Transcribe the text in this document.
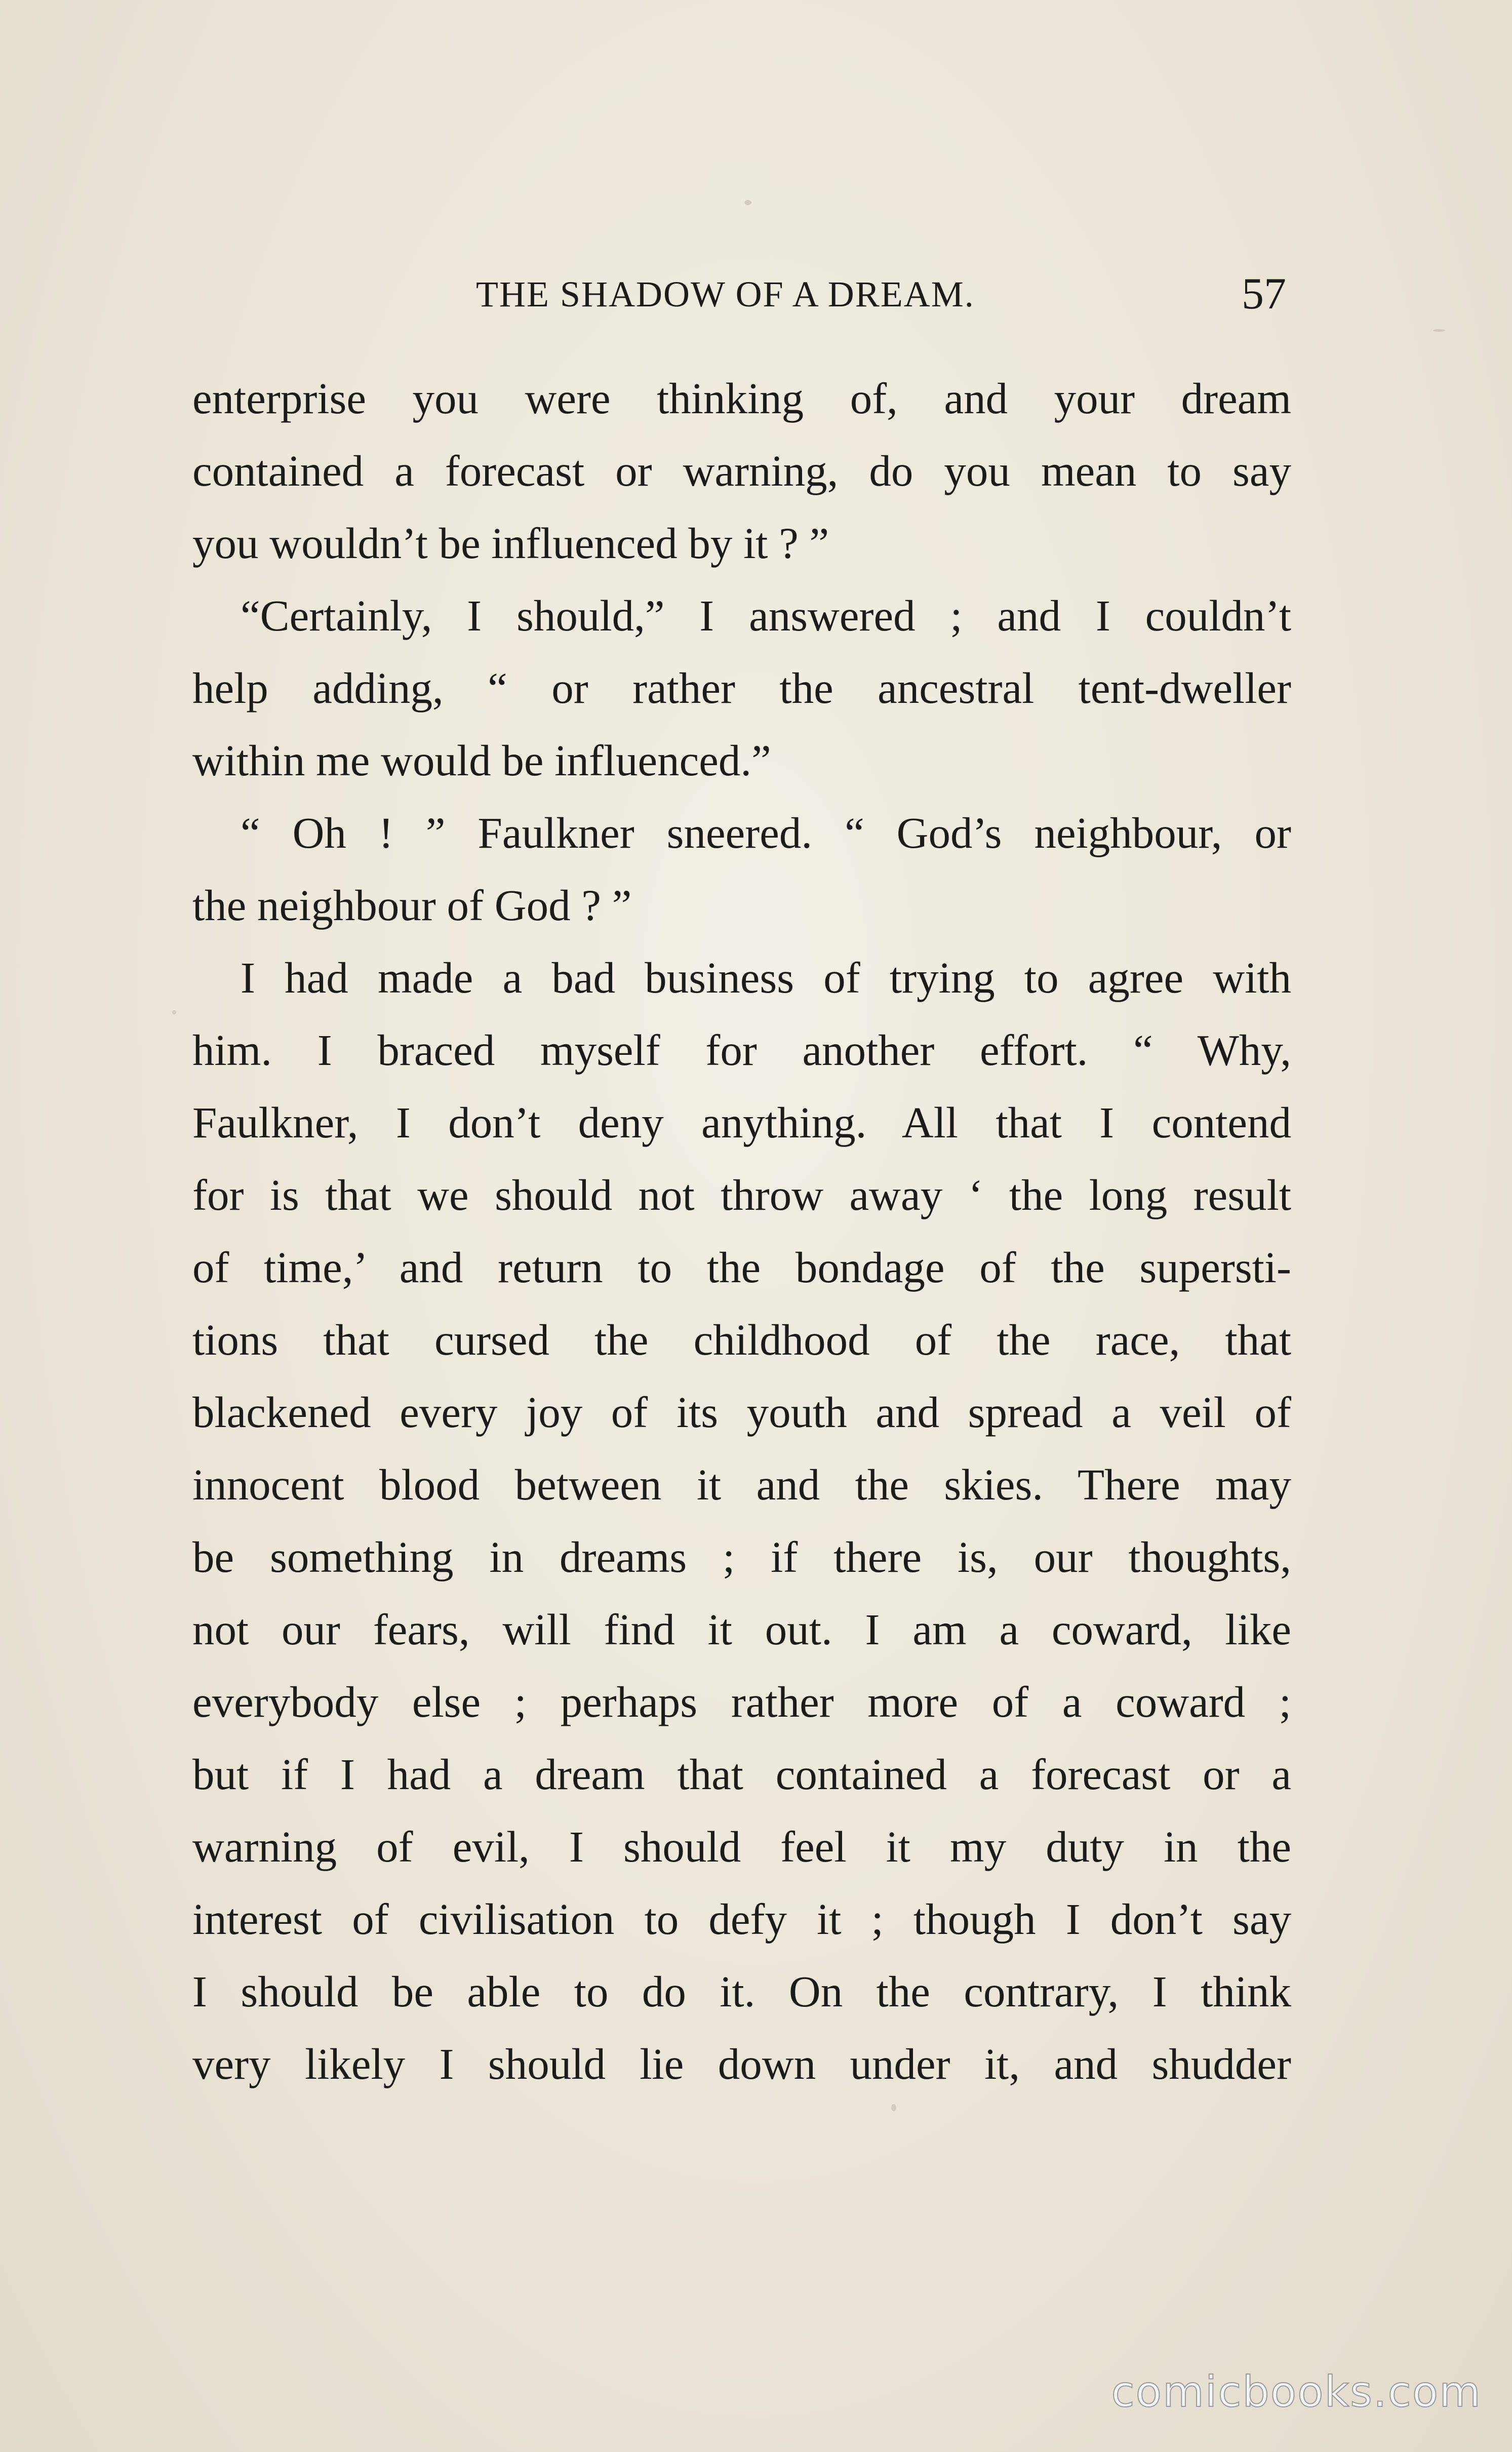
THE SHADOW OF A DREAM.	57
enterprise you were thinking of, and your dream
contained a forecast or warning, do you mean to say
you wouldn’t be influenced by it ? ”
“Certainly, I should,” I answered ; and I couldn’t
help adding, “ or rather the ancestral tent-dweller
within me would be influenced.”
“ Oh ! ” Faulkner sneered. “ God’s neighbour, or
the neighbour of God ? ”
I had made a bad business of trying to agree with
him. I braced myself for another effort. “ Why,
Faulkner, I don’t deny anything. All that I contend
for is that we should not throw away ‘ the long result
of time,’ and return to the bondage of the supersti-
tions that cursed the childhood of the race, that
blackened every joy of its youth and spread a veil of
innocent blood between it and the skies. There may
be something in dreams ; if there is, our thoughts,
not our fears, will find it out. I am a coward, like
everybody else ; perhaps rather more of a coward ;
but if I had a dream that contained a forecast or a
warning of evil, I should feel it my duty in the
interest of civilisation to defy it ; though I don’t say
I should be able to do it. On the contrary, I think
very likely I should lie down under it, and shudder
comicbooks.com
